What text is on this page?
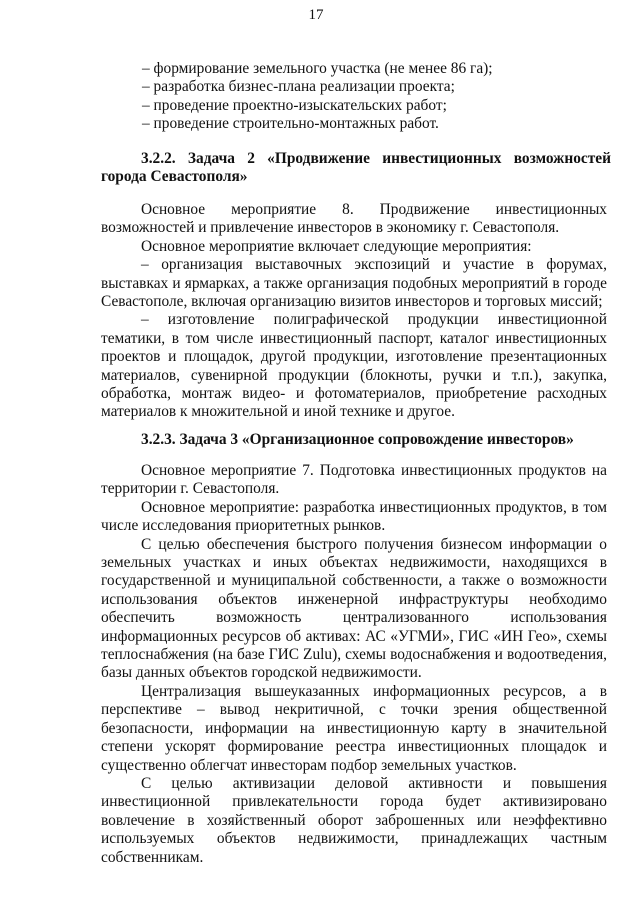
17
– формирование земельного участка (не менее 86 га);
– разработка бизнес-плана реализации проекта;
– проведение проектно-изыскательских работ;
– проведение строительно-монтажных работ.
3.2.2. Задача 2 «Продвижение инвестиционных возможностей города Севастополя»
Основное мероприятие 8. Продвижение инвестиционных возможностей и привлечение инвесторов в экономику г. Севастополя.
Основное мероприятие включает следующие мероприятия:
– организация выставочных экспозиций и участие в форумах, выставках и ярмарках, а также организация подобных мероприятий в городе Севастополе, включая организацию визитов инвесторов и торговых миссий;
– изготовление полиграфической продукции инвестиционной тематики, в том числе инвестиционный паспорт, каталог инвестиционных проектов и площадок, другой продукции, изготовление презентационных материалов, сувенирной продукции (блокноты, ручки и т.п.), закупка, обработка, монтаж видео- и фотоматериалов, приобретение расходных материалов к множительной и иной технике и другое.
3.2.3. Задача 3 «Организационное сопровождение инвесторов»
Основное мероприятие 7. Подготовка инвестиционных продуктов на территории г. Севастополя.
Основное мероприятие: разработка инвестиционных продуктов, в том числе исследования приоритетных рынков.
С целью обеспечения быстрого получения бизнесом информации о земельных участках и иных объектах недвижимости, находящихся в государственной и муниципальной собственности, а также о возможности использования объектов инженерной инфраструктуры необходимо обеспечить возможность централизованного использования информационных ресурсов об активах: АС «УГМИ», ГИС «ИН Гео», схемы теплоснабжения (на базе ГИС Zulu), схемы водоснабжения и водоотведения, базы данных объектов городской недвижимости.
Централизация вышеуказанных информационных ресурсов, а в перспективе – вывод некритичной, с точки зрения общественной безопасности, информации на инвестиционную карту в значительной степени ускорят формирование реестра инвестиционных площадок и существенно облегчат инвесторам подбор земельных участков.
С целью активизации деловой активности и повышения инвестиционной привлекательности города будет активизировано вовлечение в хозяйственный оборот заброшенных или неэффективно используемых объектов недвижимости, принадлежащих частным собственникам.
